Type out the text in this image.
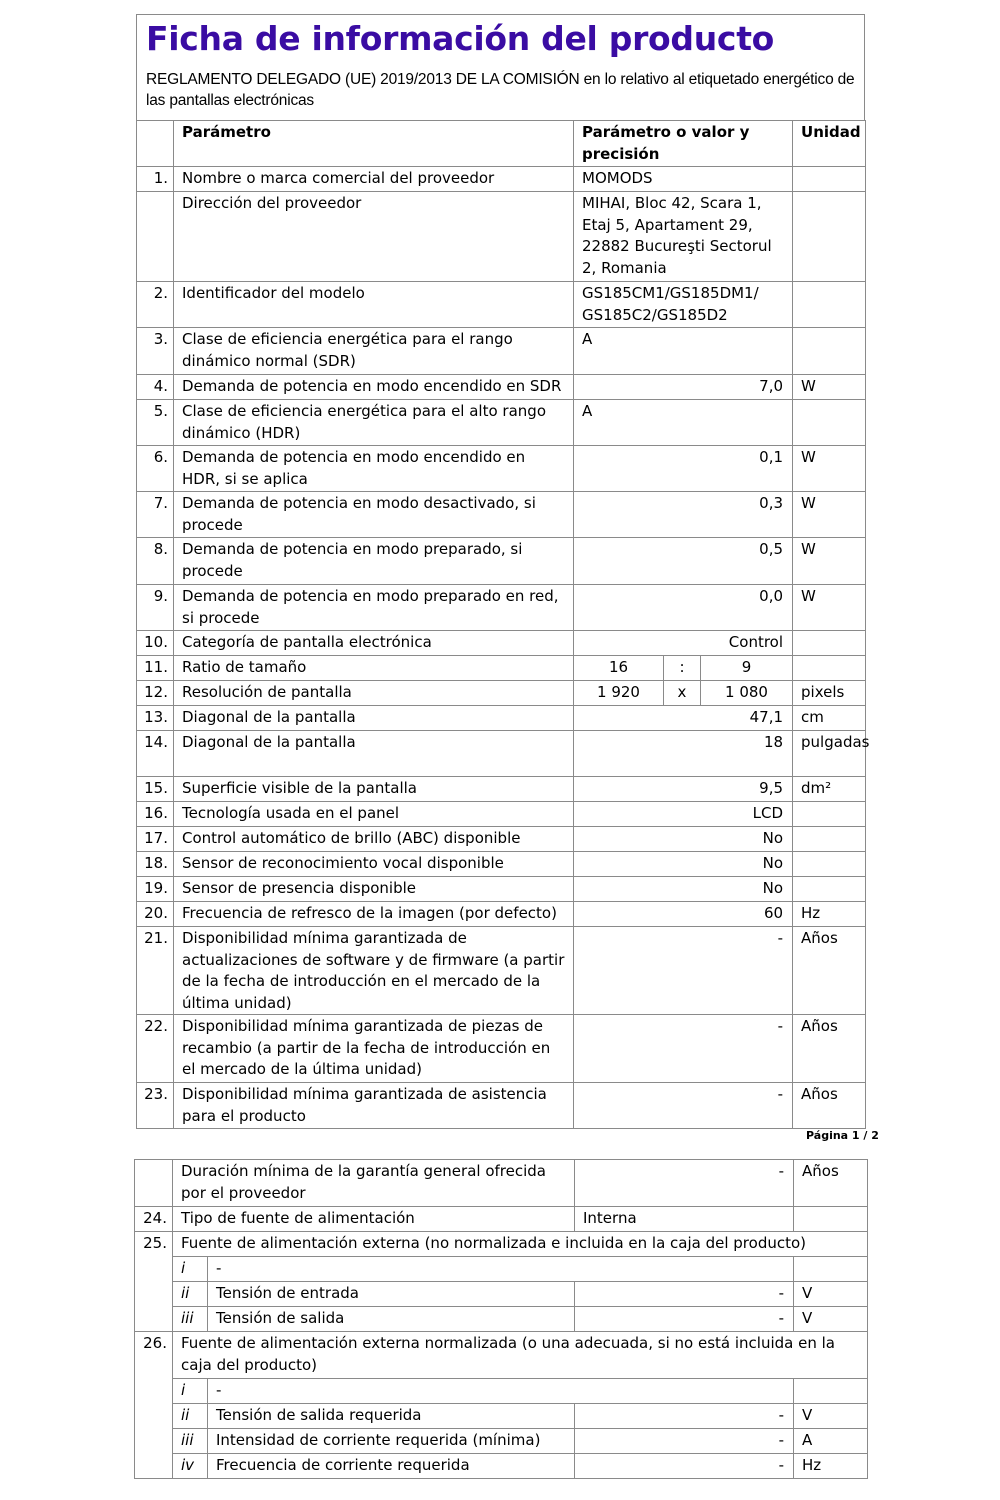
Ficha de información del producto
REGLAMENTO DELEGADO (UE) 2019/2013 DE LA COMISIÓN en lo relativo al etiquetado energético de las pantallas electrónicas
	Parámetro	Parámetro o valor y precisión			Unidad
1.	Nombre o marca comercial del proveedor	MOMODS			
	Dirección del proveedor	MIHAI, Bloc 42, Scara 1, Etaj 5, Apartament 29, 22882 Bucureşti Sectorul 2, Romania			
2.	Identificador del modelo	GS185CM1/GS185DM1/ GS185C2/GS185D2			
3.	Clase de eficiencia energética para el rango dinámico normal (SDR)	A			
4.	Demanda de potencia en modo encendido en SDR	7,0			W
5.	Clase de eficiencia energética para el alto rango dinámico (HDR)	A			
6.	Demanda de potencia en modo encendido en HDR, si se aplica	0,1			W
7.	Demanda de potencia en modo desactivado, si procede	0,3			W
8.	Demanda de potencia en modo preparado, si procede	0,5			W
9.	Demanda de potencia en modo preparado en red, si procede	0,0			W
10.	Categoría de pantalla electrónica	Control			
11.	Ratio de tamaño	16	:	9	
12.	Resolución de pantalla	1 920	x	1 080	pixels
13.	Diagonal de la pantalla	47,1			cm
14.	Diagonal de la pantalla	18			pulgadas
15.	Superficie visible de la pantalla	9,5			dm²
16.	Tecnología usada en el panel	LCD			
17.	Control automático de brillo (ABC) disponible	No			
18.	Sensor de reconocimiento vocal disponible	No			
19.	Sensor de presencia disponible	No			
20.	Frecuencia de refresco de la imagen (por defecto)	60			Hz
21.	Disponibilidad mínima garantizada de actualizaciones de software y de firmware (a partir de la fecha de introducción en el mercado de la última unidad)	-			Años
22.	Disponibilidad mínima garantizada de piezas de recambio (a partir de la fecha de introducción en el mercado de la última unidad)	-			Años
23.	Disponibilidad mínima garantizada de asistencia para el producto	-			Años
Página 1 / 2
	Duración mínima de la garantía general ofrecida por el proveedor		-	Años
24.	Tipo de fuente de alimentación		Interna	
25.	Fuente de alimentación externa (no normalizada e incluida en la caja del producto)			
	i	-		
	ii	Tensión de entrada	-	V
	iii	Tensión de salida	-	V
26.	Fuente de alimentación externa normalizada (o una adecuada, si no está incluida en la caja del producto)			
	i	-		
	ii	Tensión de salida requerida	-	V
	iii	Intensidad de corriente requerida (mínima)	-	A
	iv	Frecuencia de corriente requerida	-	Hz
